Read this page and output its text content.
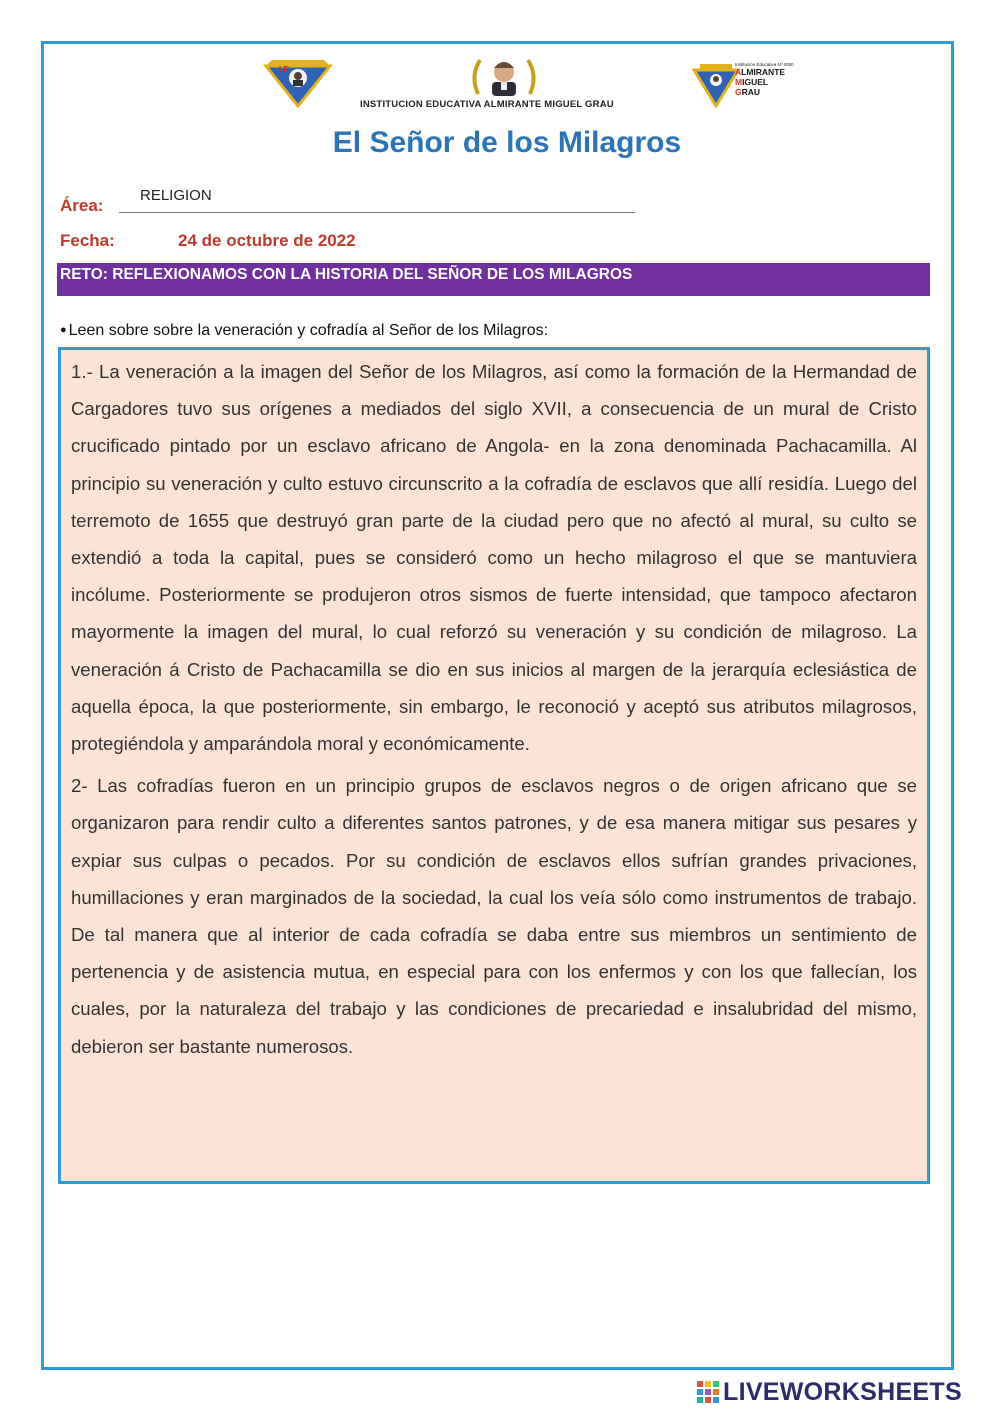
I E
Institución Educativa Nº 0000
ALMIRANTE
MIGUEL
GRAU
INSTITUCION EDUCATIVA ALMIRANTE MIGUEL GRAU
El Señor de los Milagros
Área:
RELIGION
Fecha:	24 de octubre de 2022
RETO: REFLEXIONAMOS CON LA HISTORIA DEL SEÑOR DE LOS MILAGROS
● Leen sobre sobre la veneración y cofradía al Señor de los Milagros:

1.- La veneración a la imagen del Señor de los Milagros, así como la formación de la Hermandad de Cargadores tuvo sus orígenes a mediados del siglo XVII, a consecuencia de un mural de Cristo crucificado pintado por un esclavo africano de Angola- en la zona denominada Pachacamilla. Al principio su veneración y culto estuvo circunscrito a la cofradía de esclavos que allí residía. Luego del terremoto de 1655 que destruyó gran parte de la ciudad pero que no afectó al mural, su culto se extendió a toda la capital, pues se consideró como un hecho milagroso el que se mantuviera incólume. Posteriormente se produjeron otros sismos de fuerte intensidad, que tampoco afectaron mayormente la imagen del mural, lo cual reforzó su veneración y su condición de milagroso. La veneración á Cristo de Pachacamilla se dio en sus inicios al margen de la jerarquía eclesiástica de aquella época, la que posteriormente, sin embargo, le reconoció y aceptó sus atributos milagrosos, protegiéndola y amparándola moral y económicamente.

2- Las cofradías fueron en un principio grupos de esclavos negros o de origen africano que se organizaron para rendir culto a diferentes santos patrones, y de esa manera mitigar sus pesares y expiar sus culpas o pecados. Por su condición de esclavos ellos sufrían grandes privaciones, humillaciones y eran marginados de la sociedad, la cual los veía sólo como instrumentos de trabajo. De tal manera que al interior de cada cofradía se daba entre sus miembros un sentimiento de pertenencia y de asistencia mutua, en especial para con los enfermos y con los que fallecían, los cuales, por la naturaleza del trabajo y las condiciones de precariedad e insalubridad del mismo, debieron ser bastante numerosos.

LIVEWORKSHEETS
